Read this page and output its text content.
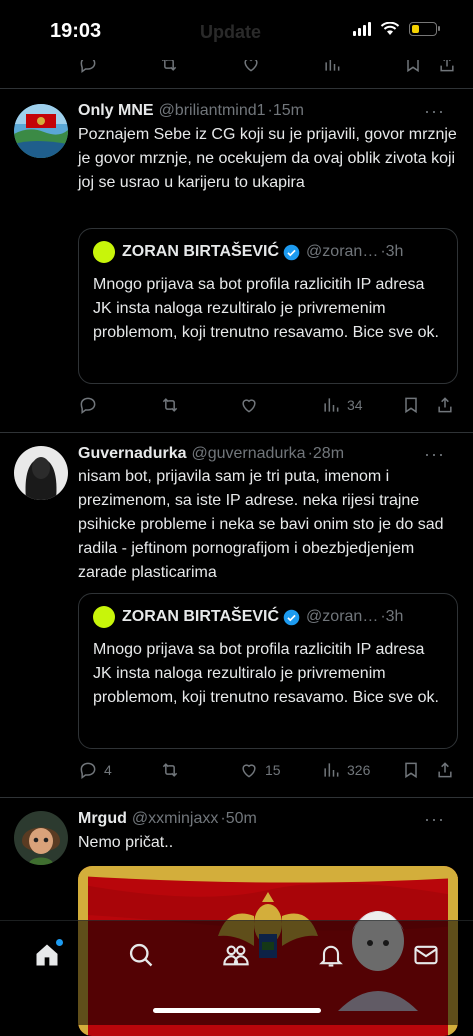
Update
19:03
Only MNE @briliantmind1 · 15m	···
Poznajem Sebe iz CG koji su je prijavili, govor mrznje je govor mrznje, ne ocekujem da ovaj oblik zivota koji joj se usrao u karijeru to ukapira
ZORAN BIRTAŠEVIĆ @zoran… · 3h
Mnogo prijava sa bot profila razlicitih IP adresa JK insta naloga rezultiralo je privremenim problemom, koji trenutno resavamo. Bice sve ok.
34
Guvernadurka @guvernadurka · 28m	···
nisam bot, prijavila sam je tri puta, imenom i prezimenom, sa iste IP adrese. neka rijesi trajne psihicke probleme i neka se bavi onim sto je do sad radila - jeftinom pornografijom i obezbjedjenjem zarade plasticarima
ZORAN BIRTAŠEVIĆ @zoran… · 3h
Mnogo prijava sa bot profila razlicitih IP adresa JK insta naloga rezultiralo je privremenim problemom, koji trenutno resavamo. Bice sve ok.
4	15	326
Mrgud @xxminjaxx · 50m	···
Nemo pričat..
